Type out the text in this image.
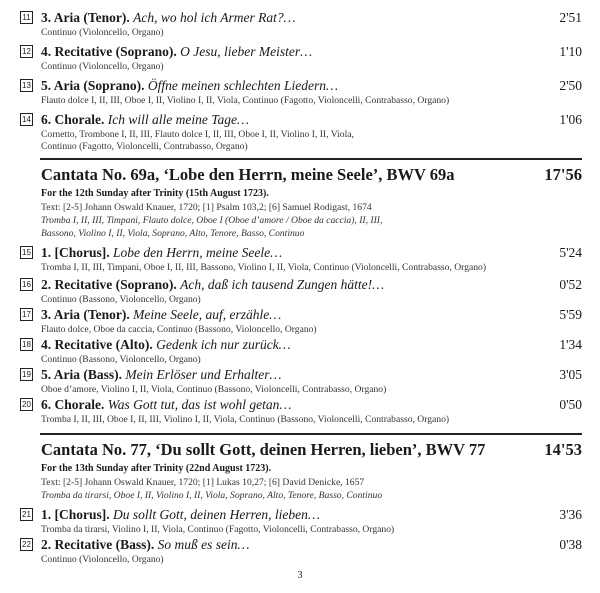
11 3. Aria (Tenor). Ach, wo hol ich Armer Rat?…	2'51
Continuo (Violoncello, Organo)
12 4. Recitative (Soprano). O Jesu, lieber Meister…	1'10
Continuo (Violoncello, Organo)
13 5. Aria (Soprano). Öffne meinen schlechten Liedern…	2'50
Flauto dolce I, II, III, Oboe I, II, Violino I, II, Viola, Continuo (Fagotto, Violoncelli, Contrabasso, Organo)
14 6. Chorale. Ich will alle meine Tage…	1'06
Cornetto, Trombone I, II, III, Flauto dolce I, II, III, Oboe I, II, Violino I, II, Viola,
Continuo (Fagotto, Violoncelli, Contrabasso, Organo)
Cantata No. 69a, ‘Lobe den Herrn, meine Seele’, BWV 69a	17'56
For the 12th Sunday after Trinity (15th August 1723).
Text: [2-5] Johann Oswald Knauer, 1720; [1] Psalm 103,2; [6] Samuel Rodigast, 1674
Tromba I, II, III, Timpani, Flauto dolce, Oboe I (Oboe d’amore / Oboe da caccia), II, III,
Bassono, Violino I, II, Viola, Soprano, Alto, Tenore, Basso, Continuo
15 1. [Chorus]. Lobe den Herrn, meine Seele…	5'24
Tromba I, II, III, Timpani, Oboe I, II, III, Bassono, Violino I, II, Viola, Continuo (Violoncelli, Contrabasso, Organo)
16 2. Recitative (Soprano). Ach, daß ich tausend Zungen hätte!…	0'52
Continuo (Bassono, Violoncello, Organo)
17 3. Aria (Tenor). Meine Seele, auf, erzähle…	5'59
Flauto dolce, Oboe da caccia, Continuo (Bassono, Violoncello, Organo)
18 4. Recitative (Alto). Gedenk ich nur zurück…	1'34
Continuo (Bassono, Violoncello, Organo)
19 5. Aria (Bass). Mein Erlöser und Erhalter…	3'05
Oboe d’amore, Violino I, II, Viola, Continuo (Bassono, Violoncelli, Contrabasso, Organo)
20 6. Chorale. Was Gott tut, das ist wohl getan…	0'50
Tromba I, II, III, Oboe I, II, III, Violino I, II, Viola, Continuo (Bassono, Violoncelli, Contrabasso, Organo)
Cantata No. 77, ‘Du sollt Gott, deinen Herren, lieben’, BWV 77	14'53
For the 13th Sunday after Trinity (22nd August 1723).
Text: [2-5] Johann Oswald Knauer, 1720; [1] Lukas 10,27; [6] David Denicke, 1657
Tromba da tirarsi, Oboe I, II, Violino I, II, Viola, Soprano, Alto, Tenore, Basso, Continuo
21 1. [Chorus]. Du sollt Gott, deinen Herren, lieben…	3'36
Tromba da tirarsi, Violino I, II, Viola, Continuo (Fagotto, Violoncelli, Contrabasso, Organo)
22 2. Recitative (Bass). So muß es sein…	0'38
Continuo (Violoncello, Organo)
3
